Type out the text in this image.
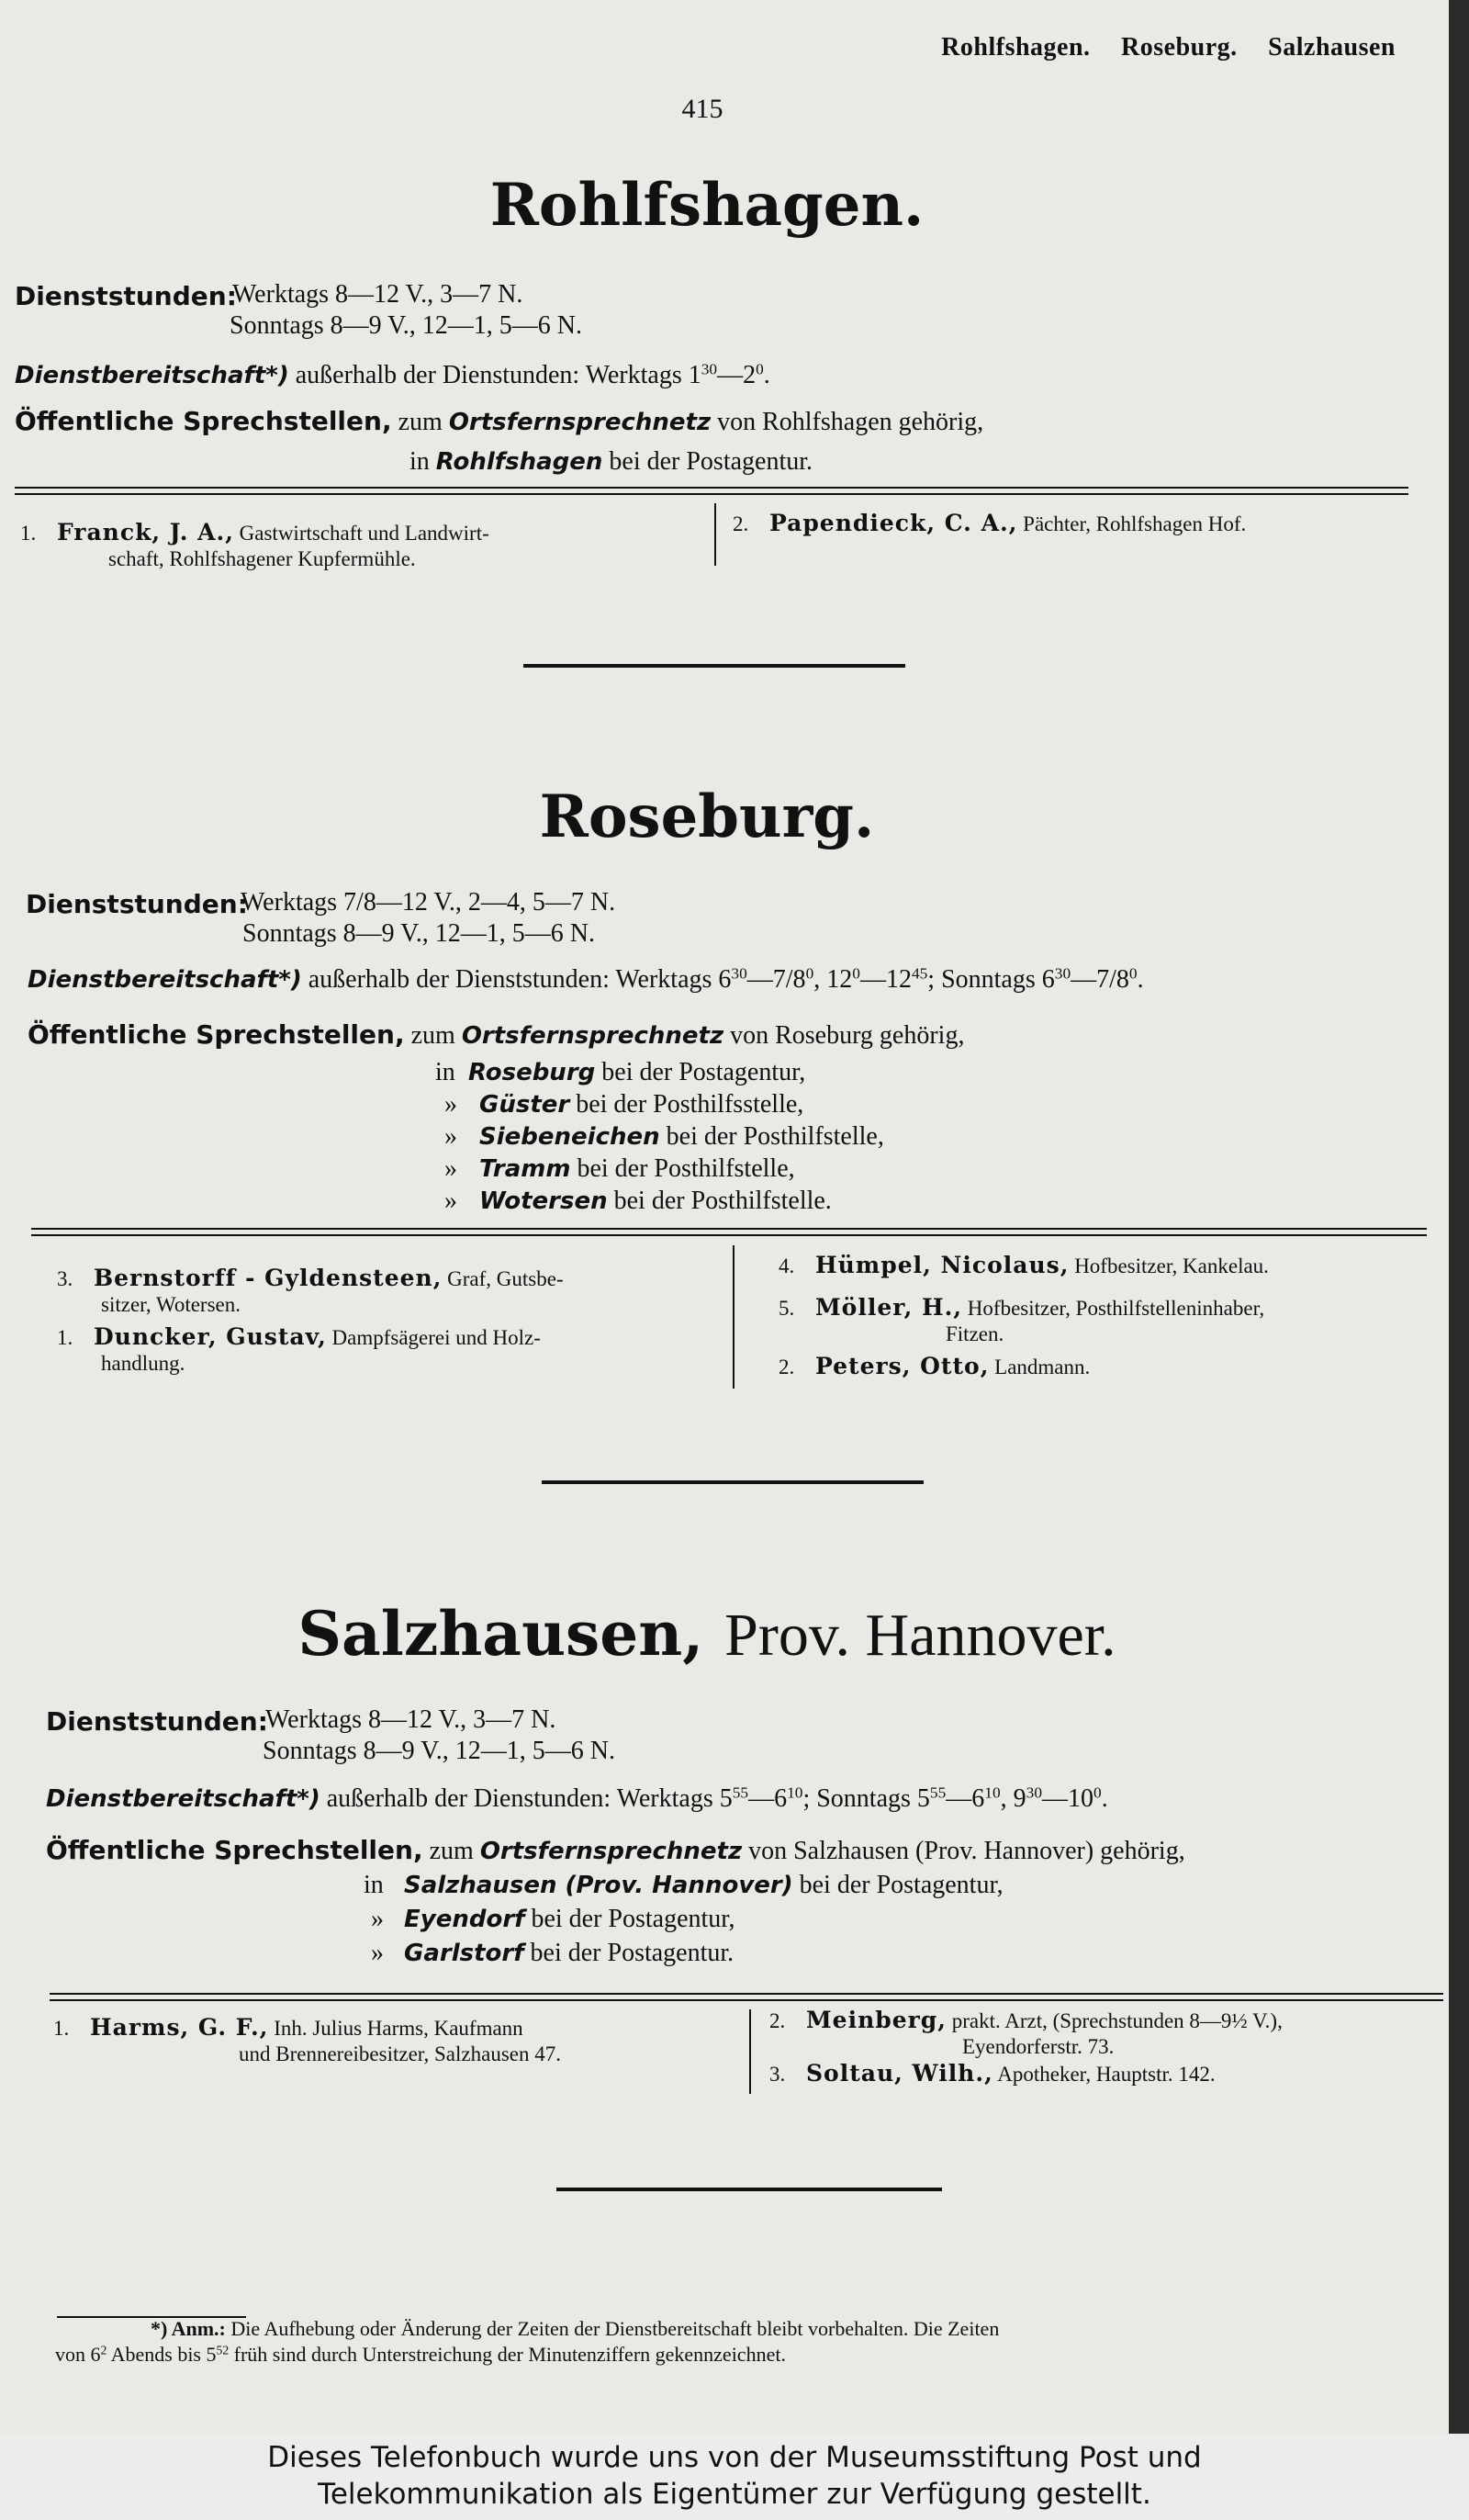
Rohlfshagen. Roseburg. Salzhausen
415
Rohlfshagen.
Dienststunden:
Werktags 8—12 V., 3—7 N.
Sonntags 8—9 V., 12—1, 5—6 N.
Dienstbereitschaft*) außerhalb der Dienstunden: Werktags $1^{30}—2^0$.
Öffentliche Sprechstellen, zum Ortsfernsprechnetz von Rohlfshagen gehörig,
in Rohlfshagen bei der Postagentur.
1. Franck, J. A., Gastwirtschaft und Landwirt-
schaft, Rohlfshagener Kupfermühle.
2. Papendieck, C. A., Pächter, Rohlfshagen Hof.
Roseburg.
Dienststunden:
Werktags 7/8—12 V., 2—4, 5—7 N.
Sonntags 8—9 V., 12—1, 5—6 N.
Dienstbereitschaft*) außerhalb der Dienststunden: Werktags $6^{30}—7/8^0$, $12^0—12^{45}$; Sonntags $6^{30}—7/8^0$.
Öffentliche Sprechstellen, zum Ortsfernsprechnetz von Roseburg gehörig,
in Roseburg bei der Postagentur,
» Güster bei der Posthilfsstelle,
» Siebeneichen bei der Posthilfstelle,
» Tramm bei der Posthilfstelle,
» Wotersen bei der Posthilfstelle.
3. Bernstorff - Gyldensteen, Graf, Gutsbe-
sitzer, Wotersen.
1. Duncker, Gustav, Dampfsägerei und Holz-
handlung.
4. Hümpel, Nicolaus, Hofbesitzer, Kankelau.
5. Möller, H., Hofbesitzer, Posthilfstelleninhaber,
Fitzen.
2. Peters, Otto, Landmann.
Salzhausen, Prov. Hannover.
Dienststunden:
Werktags 8—12 V., 3—7 N.
Sonntags 8—9 V., 12—1, 5—6 N.
Dienstbereitschaft*) außerhalb der Dienstunden: Werktags $5^{55}—6^{10}$; Sonntags $5^{55}—6^{10}$, $9^{30}—10^0$.
Öffentliche Sprechstellen, zum Ortsfernsprechnetz von Salzhausen (Prov. Hannover) gehörig,
in Salzhausen (Prov. Hannover) bei der Postagentur,
» Eyendorf bei der Postagentur,
» Garlstorf bei der Postagentur.
1. Harms, G. F., Inh. Julius Harms, Kaufmann
und Brennereibesitzer, Salzhausen 47.
2. Meinberg, prakt. Arzt, (Sprechstunden 8—9½ V.),
Eyendorferstr. 73.
3. Soltau, Wilh., Apotheker, Hauptstr. 142.
*) Anm.: Die Aufhebung oder Änderung der Zeiten der Dienstbereitschaft bleibt vorbehalten. Die Zeiten
von $6^2$ Abends bis $5^{52}$ früh sind durch Unterstreichung der Minutenziffern gekennzeichnet.
Dieses Telefonbuch wurde uns von der Museumsstiftung Post und
Telekommunikation als Eigentümer zur Verfügung gestellt.
